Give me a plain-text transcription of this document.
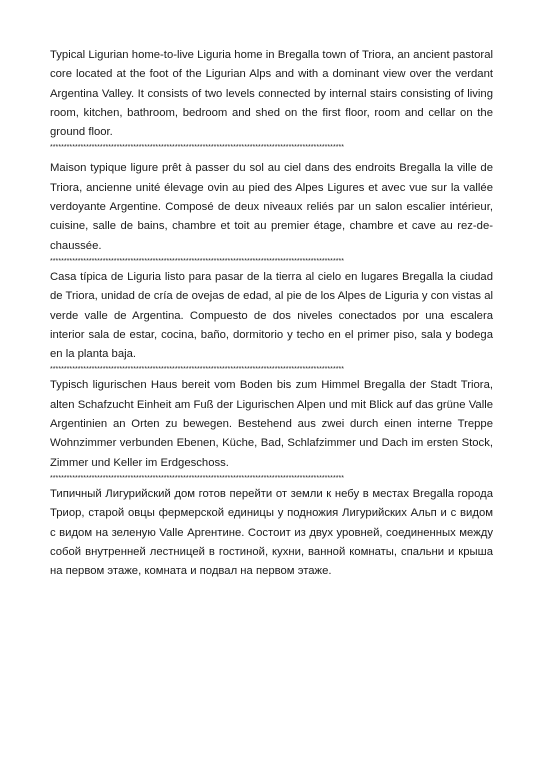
Typical Ligurian home-to-live Liguria home in Bregalla town of Triora, an ancient pastoral core located at the foot of the Ligurian Alps and with a dominant view over the verdant Argentina Valley. It consists of two levels connected by internal stairs consisting of living room, kitchen, bathroom, bedroom and shed on the first floor, room and cellar on the ground floor.

**********************************************************************************************************

Maison typique ligure prêt à passer du sol au ciel dans des endroits Bregalla la ville de Triora, ancienne unité élevage ovin au pied des Alpes Ligures et avec vue sur la vallée verdoyante Argentine. Composé de deux niveaux reliés par un salon escalier intérieur, cuisine, salle de bains, chambre et toit au premier étage, chambre et cave au rez-de-chaussée.

**********************************************************************************************************

Casa típica de Liguria listo para pasar de la tierra al cielo en lugares Bregalla la ciudad de Triora, unidad de cría de ovejas de edad, al pie de los Alpes de Liguria y con vistas al verde valle de Argentina. Compuesto de dos niveles conectados por una escalera interior sala de estar, cocina, baño, dormitorio y techo en el primer piso, sala y bodega en la planta baja.

**********************************************************************************************************

Typisch ligurischen Haus bereit vom Boden bis zum Himmel Bregalla der Stadt Triora, alten Schafzucht Einheit am Fuß der Ligurischen Alpen und mit Blick auf das grüne Valle Argentinien an Orten zu bewegen. Bestehend aus zwei durch einen interne Treppe Wohnzimmer verbunden Ebenen, Küche, Bad, Schlafzimmer und Dach im ersten Stock, Zimmer und Keller im Erdgeschoss.

**********************************************************************************************************

Типичный Лигурийский дом готов перейти от земли к небу в местах Bregalla города Триор, старой овцы фермерской единицы у подножия Лигурийских Альп и с видом с видом на зеленую Valle Аргентине. Состоит из двух уровней, соединенных между собой внутренней лестницей в гостиной, кухни, ванной комнаты, спальни и крыша на первом этаже, комната и подвал на первом этаже.
